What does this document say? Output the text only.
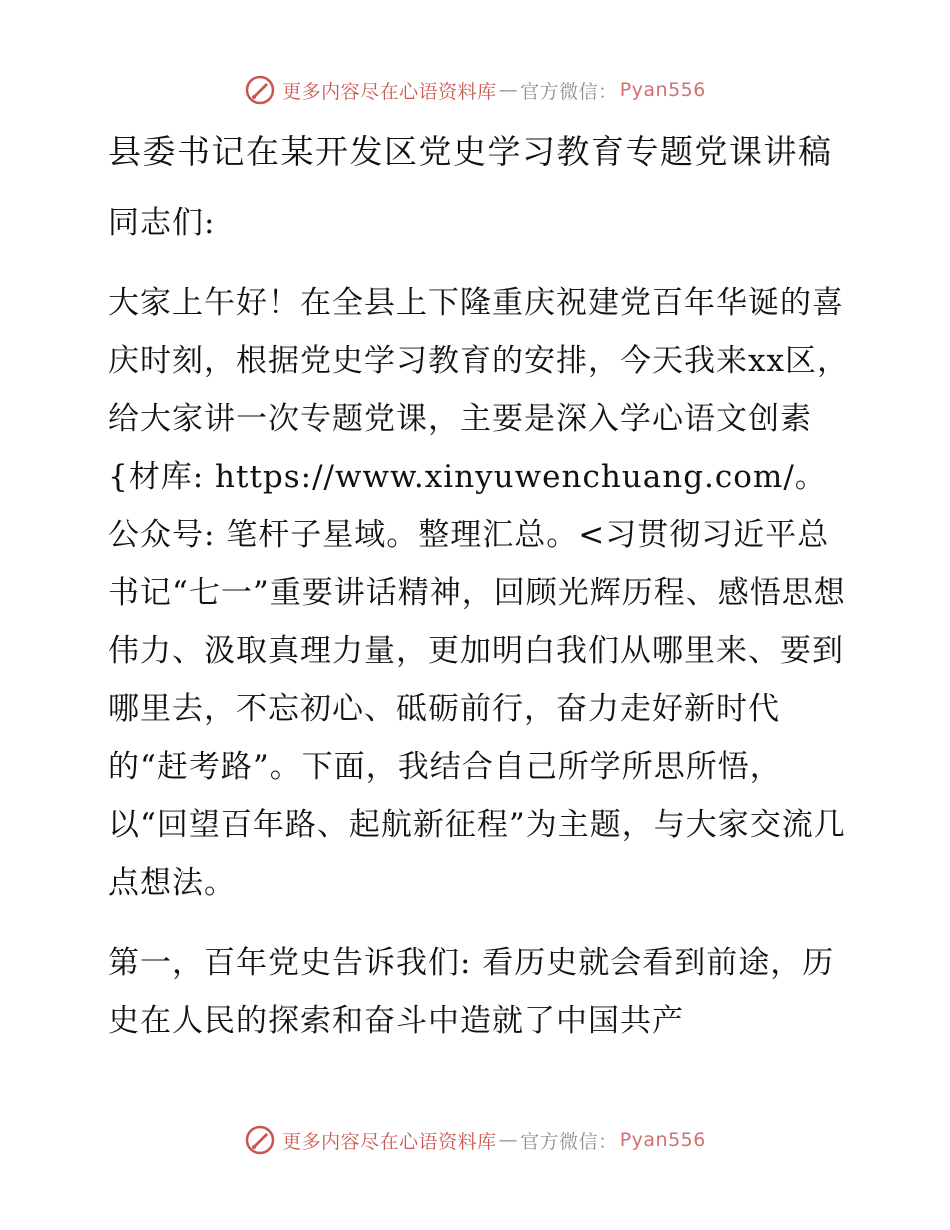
更多内容尽在心语资料库 — 官方微信： Pyan556
县委书记在某开发区党史学习教育专题党课讲稿
同志们:
大家上午好！在全县上下隆重庆祝建党百年华诞的喜庆时刻，根据党史学习教育的安排，今天我来xx区，给大家讲一次专题党课，主要是深入学心语文创素{材库: https://www.xinyuwenchuang.com/。公众号: 笔杆子星域。整理汇总。<习贯彻习近平总书记“七一”重要讲话精神，回顾光辉历程、感悟思想伟力、汲取真理力量，更加明白我们从哪里来、要到哪里去，不忘初心、砥砺前行，奋力走好新时代的“赶考路”。下面，我结合自己所学所思所悟，以“回望百年路、起航新征程”为主题，与大家交流几点想法。
第一，百年党史告诉我们: 看历史就会看到前途，历史在人民的探索和奋斗中造就了中国共产
更多内容尽在心语资料库 — 官方微信： Pyan556
